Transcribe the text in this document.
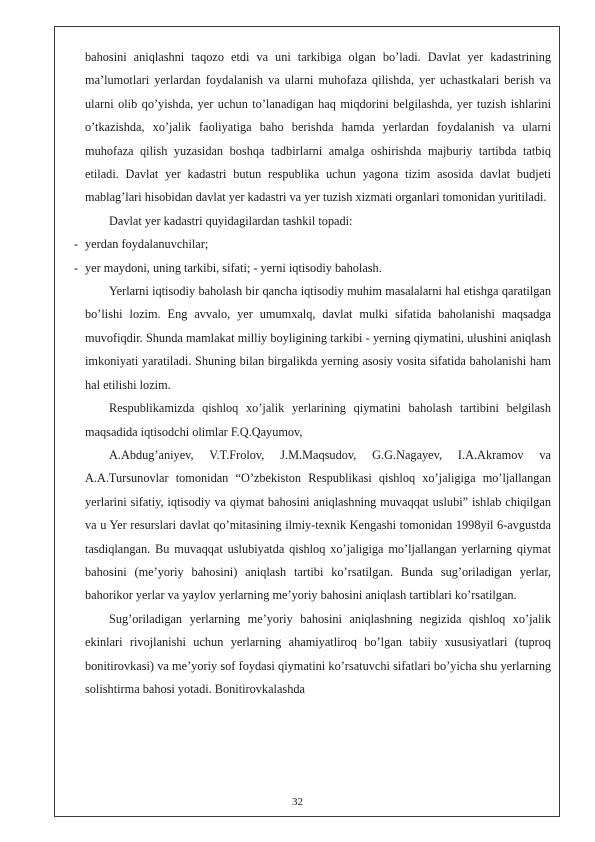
bahosini aniqlashni taqozo etdi va uni tarkibiga olgan bo’ladi. Davlat yer kadastrining ma’lumotlari yerlardan foydalanish va ularni muhofaza qilishda, yer uchastkalari berish va ularni olib qo’yishda, yer uchun to’lanadigan haq miqdorini belgilashda, yer tuzish ishlarini o’tkazishda, xo’jalik faoliyatiga baho berishda hamda yerlardan foydalanish va ularni muhofaza qilish yuzasidan boshqa tadbirlarni amalga oshirishda majburiy tartibda tatbiq etiladi. Davlat yer kadastri butun respublika uchun yagona tizim asosida davlat budjeti mablag’lari hisobidan davlat yer kadastri va yer tuzish xizmati organlari tomonidan yuritiladi.

Davlat yer kadastri quyidagilardan tashkil topadi:

- yerdan foydalanuvchilar;

- yer maydoni, uning tarkibi, sifati; - yerni iqtisodiy baholash.

Yerlarni iqtisodiy baholash bir qancha iqtisodiy muhim masalalarni hal etishga qaratilgan bo’lishi lozim. Eng avvalo, yer umumxalq, davlat mulki sifatida baholanishi maqsadga muvofiqdir. Shunda mamlakat milliy boyligining tarkibi - yerning qiymatini, ulushini aniqlash imkoniyati yaratiladi. Shuning bilan birgalikda yerning asosiy vosita sifatida baholanishi ham hal etilishi lozim.

Respublikamizda qishloq xo’jalik yerlarining qiymatini baholash tartibini belgilash maqsadida iqtisodchi olimlar F.Q.Qayumov,

A.Abdug’aniyev, V.T.Frolov, J.M.Maqsudov, G.G.Nagayev, I.A.Akramov va A.A.Tursunovlar tomonidan “O’zbekiston Respublikasi qishloq xo’jaligiga mo’ljallangan yerlarini sifatiy, iqtisodiy va qiymat bahosini aniqlashning muvaqqat uslubi” ishlab chiqilgan va u Yer resurslari davlat qo’mitasining ilmiy-texnik Kengashi tomonidan 1998yil 6-avgustda tasdiqlangan. Bu muvaqqat uslubiyatda qishloq xo’jaligiga mo’ljallangan yerlarning qiymat bahosini (me’yoriy bahosini) aniqlash tartibi ko’rsatilgan. Bunda sug’oriladigan yerlar, bahorikor yerlar va yaylov yerlarning me’yoriy bahosini aniqlash tartiblari ko’rsatilgan.

Sug’oriladigan yerlarning me’yoriy bahosini aniqlashning negizida qishloq xo’jalik ekinlari rivojlanishi uchun yerlarning ahamiyatliroq bo’lgan tabiiy xususiyatlari (tuproq bonitirovkasi) va me’yoriy sof foydasi qiymatini ko’rsatuvchi sifatlari bo’yicha shu yerlarning solishtirma bahosi yotadi. Bonitirovkalashda

32
